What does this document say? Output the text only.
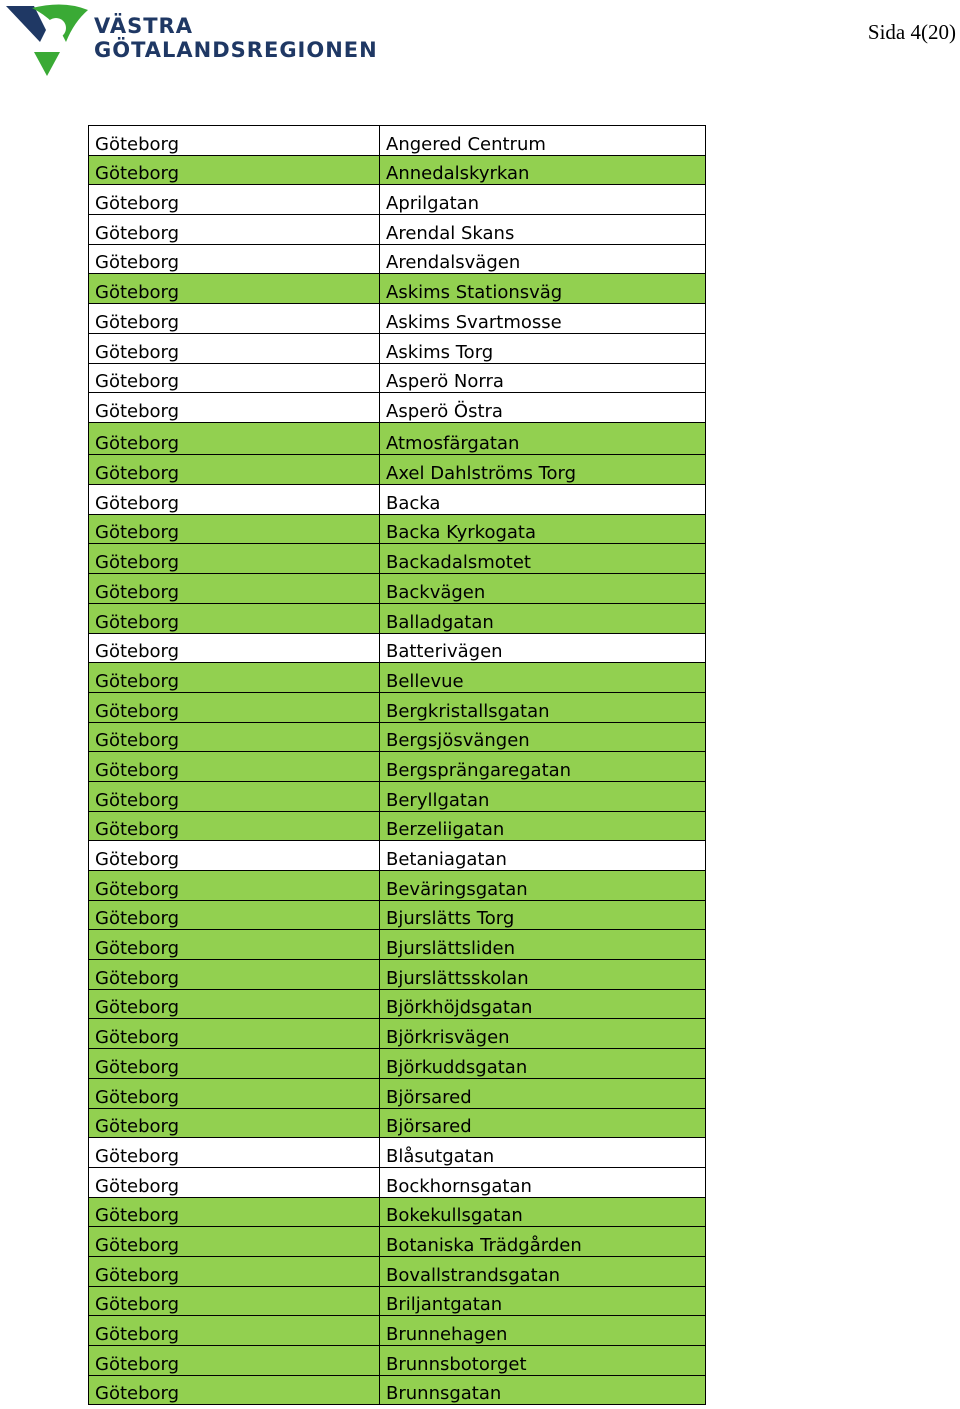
VÄSTRA
GÖTALANDSREGIONEN
Sida 4(20)
Göteborg	Angered Centrum
Göteborg	Annedalskyrkan
Göteborg	Aprilgatan
Göteborg	Arendal Skans
Göteborg	Arendalsvägen
Göteborg	Askims Stationsväg
Göteborg	Askims Svartmosse
Göteborg	Askims Torg
Göteborg	Asperö Norra
Göteborg	Asperö Östra
Göteborg	Atmosfärgatan
Göteborg	Axel Dahlströms Torg
Göteborg	Backa
Göteborg	Backa Kyrkogata
Göteborg	Backadalsmotet
Göteborg	Backvägen
Göteborg	Balladgatan
Göteborg	Batterivägen
Göteborg	Bellevue
Göteborg	Bergkristallsgatan
Göteborg	Bergsjösvängen
Göteborg	Bergsprängaregatan
Göteborg	Beryllgatan
Göteborg	Berzeliigatan
Göteborg	Betaniagatan
Göteborg	Beväringsgatan
Göteborg	Bjurslätts Torg
Göteborg	Bjurslättsliden
Göteborg	Bjurslättsskolan
Göteborg	Björkhöjdsgatan
Göteborg	Björkrisvägen
Göteborg	Björkuddsgatan
Göteborg	Björsared
Göteborg	Björsared
Göteborg	Blåsutgatan
Göteborg	Bockhornsgatan
Göteborg	Bokekullsgatan
Göteborg	Botaniska Trädgården
Göteborg	Bovallstrandsgatan
Göteborg	Briljantgatan
Göteborg	Brunnehagen
Göteborg	Brunnsbotorget
Göteborg	Brunnsgatan
